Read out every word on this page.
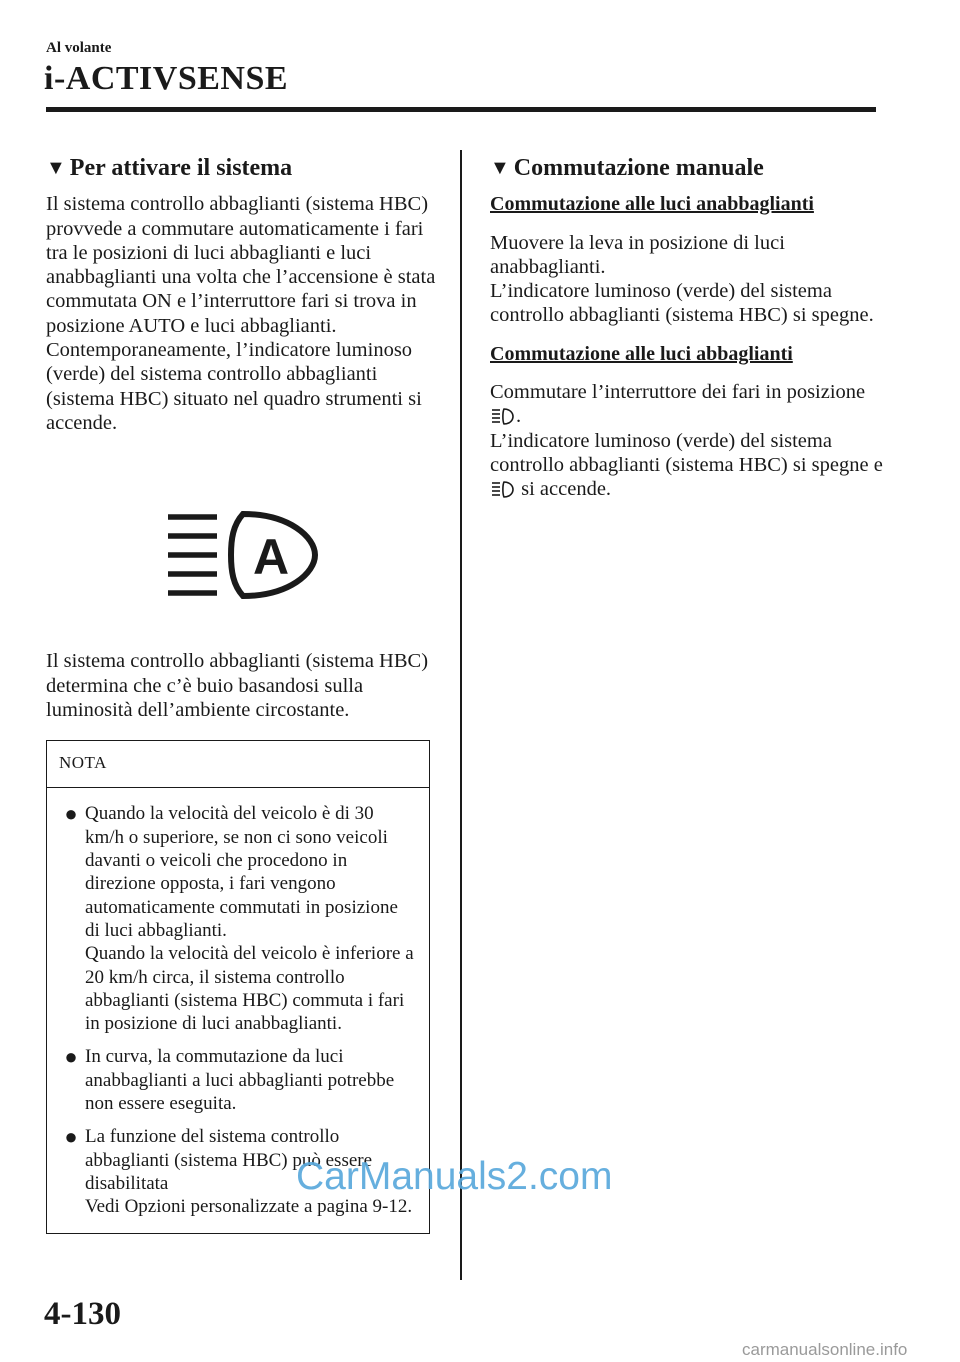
Al volante
i-ACTIVSENSE
▼ Per attivare il sistema

Il sistema controllo abbaglianti (sistema HBC) provvede a commutare automaticamente i fari tra le posizioni di luci abbaglianti e luci anabbaglianti una volta che l’accensione è stata commutata ON e l’interruttore fari si trova in posizione AUTO e luci abbaglianti. Contemporaneamente, l’indicatore luminoso (verde) del sistema controllo abbaglianti (sistema HBC) situato nel quadro strumenti si accende.

A

Il sistema controllo abbaglianti (sistema HBC) determina che c’è buio basandosi sulla luminosità dell’ambiente circostante.

NOTA
● Quando la velocità del veicolo è di 30 km/h o superiore, se non ci sono veicoli davanti o veicoli che procedono in direzione opposta, i fari vengono automaticamente commutati in posizione di luci abbaglianti.
Quando la velocità del veicolo è inferiore a 20 km/h circa, il sistema controllo abbaglianti (sistema HBC) commuta i fari in posizione di luci anabbaglianti.
● In curva, la commutazione da luci anabbaglianti a luci abbaglianti potrebbe non essere eseguita.
● La funzione del sistema controllo abbaglianti (sistema HBC) può essere disabilitata
Vedi Opzioni personalizzate a pagina 9-12.
▼ Commutazione manuale
Commutazione alle luci anabbaglianti

Muovere la leva in posizione di luci anabbaglianti.

L’indicatore luminoso (verde) del sistema controllo abbaglianti (sistema HBC) si spegne.

Commutazione alle luci abbaglianti

Commutare l’interruttore dei fari in posizione .

L’indicatore luminoso (verde) del sistema controllo abbaglianti (sistema HBC) si spegne e  si accende.

4-130
CarManuals2.com
carmanualsonline.info
